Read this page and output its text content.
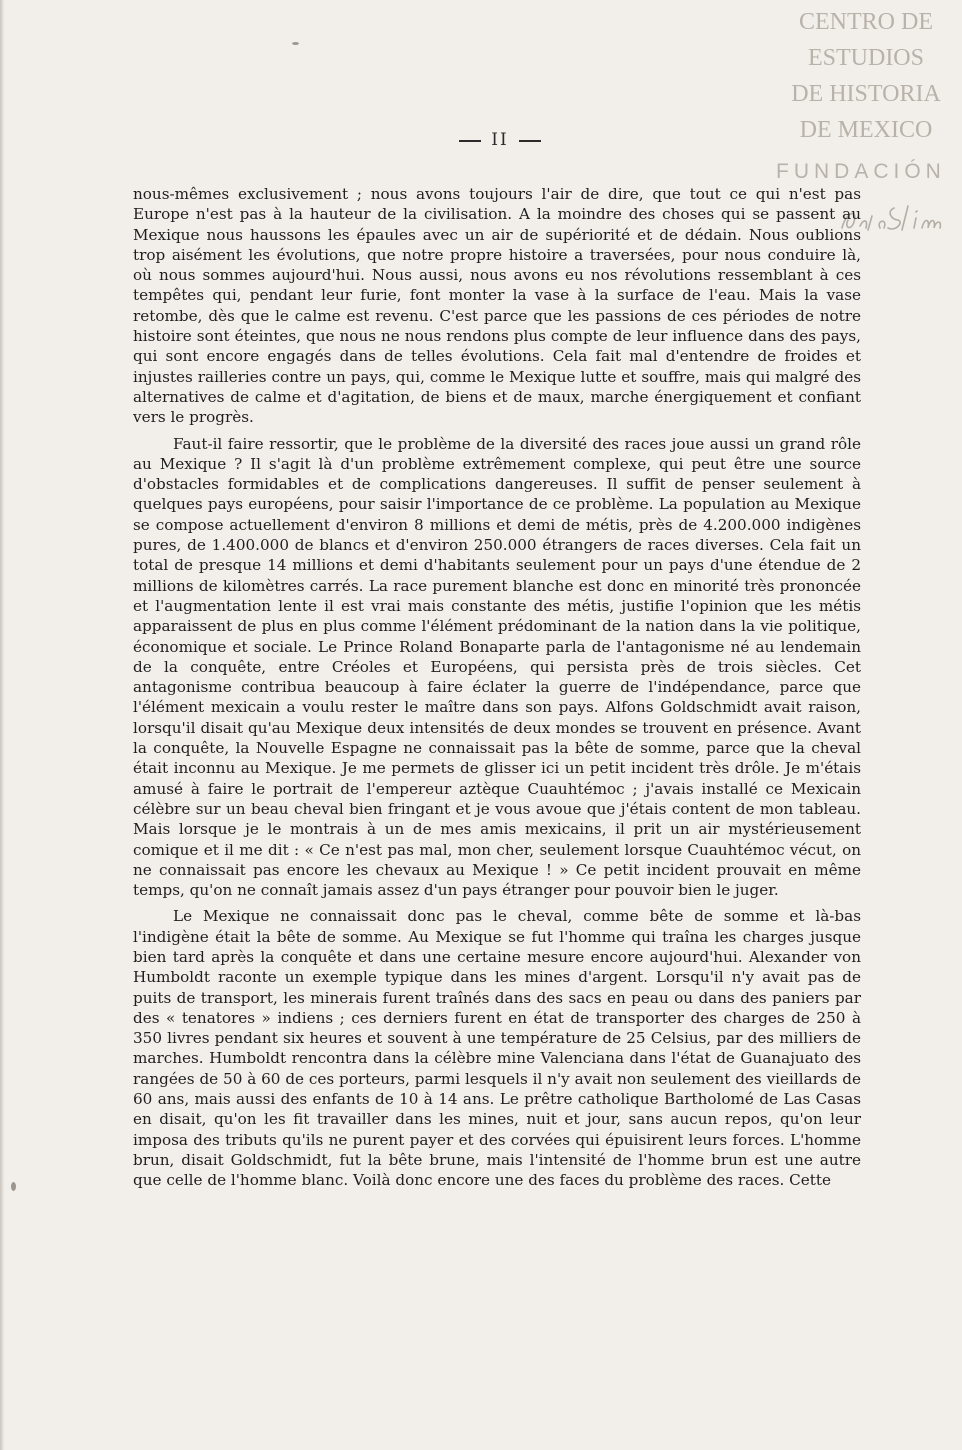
CENTRO DE
ESTUDIOS
DE HISTORIA
DE MEXICO
FUNDACIÓN
II

nous-mêmes exclusivement ; nous avons toujours l'air de dire, que tout ce qui n'est pas Europe n'est pas à la hauteur de la civilisation. A la moindre des choses qui se passent au Mexique nous haussons les épaules avec un air de supériorité et de dédain. Nous oublions trop aisément les évolutions, que notre propre histoire a traversées, pour nous conduire là, où nous sommes aujourd'hui. Nous aussi, nous avons eu nos révolutions ressemblant à ces tempêtes qui, pendant leur furie, font monter la vase à la surface de l'eau. Mais la vase retombe, dès que le calme est revenu. C'est parce que les passions de ces périodes de notre histoire sont éteintes, que nous ne nous rendons plus compte de leur influence dans des pays, qui sont encore engagés dans de telles évolutions. Cela fait mal d'entendre de froides et injustes railleries contre un pays, qui, comme le Mexique lutte et souffre, mais qui malgré des alternatives de calme et d'agitation, de biens et de maux, marche énergiquement et confiant vers le progrès.

Faut-il faire ressortir, que le problème de la diversité des races joue aussi un grand rôle au Mexique ? Il s'agit là d'un problème extrêmement complexe, qui peut être une source d'obstacles formidables et de complications dangereuses. Il suffit de penser seulement à quelques pays européens, pour saisir l'importance de ce problème. La population au Mexique se compose actuellement d'environ 8 millions et demi de métis, près de 4.200.000 indigènes pures, de 1.400.000 de blancs et d'environ 250.000 étrangers de races diverses. Cela fait un total de presque 14 millions et demi d'habitants seulement pour un pays d'une étendue de 2 millions de kilomètres carrés. La race purement blanche est donc en minorité très prononcée et l'augmentation lente il est vrai mais constante des métis, justifie l'opinion que les métis apparaissent de plus en plus comme l'élément prédominant de la nation dans la vie politique, économique et sociale. Le Prince Roland Bonaparte parla de l'antagonisme né au lendemain de la conquête, entre Créoles et Européens, qui persista près de trois siècles. Cet antagonisme contribua beaucoup à faire éclater la guerre de l'indépendance, parce que l'élément mexicain a voulu rester le maître dans son pays. Alfons Goldschmidt avait raison, lorsqu'il disait qu'au Mexique deux intensités de deux mondes se trouvent en présence. Avant la conquête, la Nouvelle Espagne ne connaissait pas la bête de somme, parce que la cheval était inconnu au Mexique. Je me permets de glisser ici un petit incident très drôle. Je m'étais amusé à faire le portrait de l'empereur aztèque Cuauhtémoc ; j'avais installé ce Mexicain célèbre sur un beau cheval bien fringant et je vous avoue que j'étais content de mon tableau. Mais lorsque je le montrais à un de mes amis mexicains, il prit un air mystérieusement comique et il me dit : « Ce n'est pas mal, mon cher, seulement lorsque Cuauhtémoc vécut, on ne connaissait pas encore les chevaux au Mexique ! » Ce petit incident prouvait en même temps, qu'on ne connaît jamais assez d'un pays étranger pour pouvoir bien le juger.

Le Mexique ne connaissait donc pas le cheval, comme bête de somme et là-bas l'indigène était la bête de somme. Au Mexique se fut l'homme qui traîna les charges jusque bien tard après la conquête et dans une certaine mesure encore aujourd'hui. Alexander von Humboldt raconte un exemple typique dans les mines d'argent. Lorsqu'il n'y avait pas de puits de transport, les minerais furent traînés dans des sacs en peau ou dans des paniers par des « tenatores » indiens ; ces derniers furent en état de transporter des charges de 250 à 350 livres pendant six heures et souvent à une température de 25 Celsius, par des milliers de marches. Humboldt rencontra dans la célèbre mine Valenciana dans l'état de Guanajuato des rangées de 50 à 60 de ces porteurs, parmi lesquels il n'y avait non seulement des vieillards de 60 ans, mais aussi des enfants de 10 à 14 ans. Le prêtre catholique Bartholomé de Las Casas en disait, qu'on les fit travailler dans les mines, nuit et jour, sans aucun repos, qu'on leur imposa des tributs qu'ils ne purent payer et des corvées qui épuisirent leurs forces. L'homme brun, disait Goldschmidt, fut la bête brune, mais l'intensité de l'homme brun est une autre que celle de l'homme blanc. Voilà donc encore une des faces du problème des races. Cette
